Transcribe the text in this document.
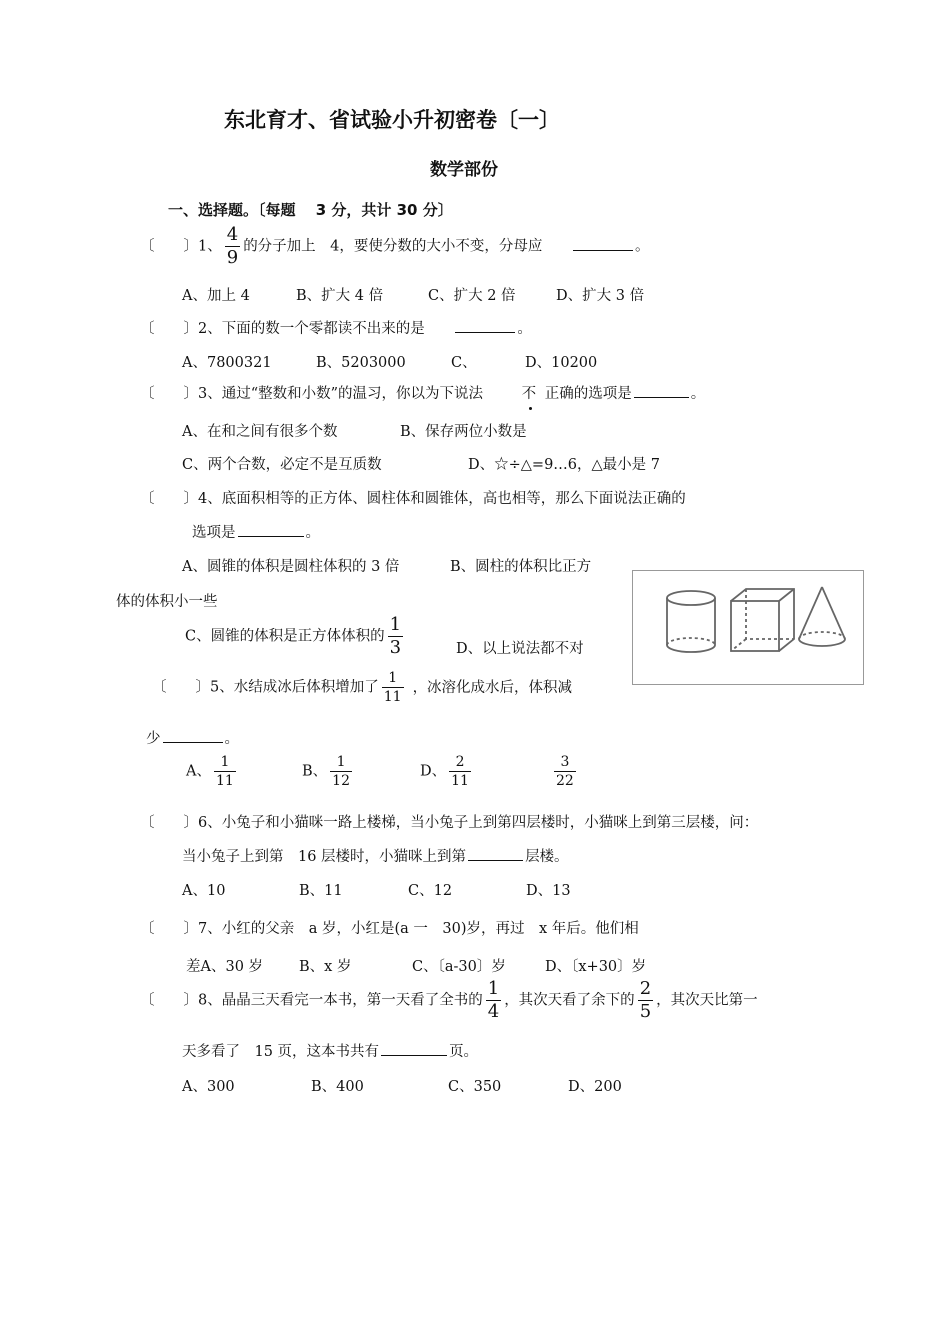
东北育才、省试验小升初密卷〔一〕
数学部份
一、选择题。〔每题　 3 分，共计 30 分〕
〔　　〕1、 $\frac{4}{9}$ 的分子加上　4，要使分数的大小不变，分母应	。
A、加上 4	B、扩大 4 倍	C、扩大 2 倍	D、扩大 3 倍
〔　　〕2、下面的数一个零都读不出来的是	。
A、7800321	B、5203000	C、	D、10200
〔　　〕3、通过“整数和小数”的温习，你以为下说法	不 正确的选项是	。
A、在和之间有很多个数	B、保存两位小数是
C、两个合数，必定不是互质数	D、☆÷△=9…6，△最小是 7
〔　　〕4、底面积相等的正方体、圆柱体和圆锥体，高也相等，那么下面说法正确的
选项是	。
A、圆锥的体积是圆柱体积的 3 倍	B、圆柱的体积比正方
体的体积小一些
C、圆锥的体积是正方体体积的 $\frac{1}{3}$	D、以上说法都不对
〔　　〕5、水结成冰后体积增加了 $\frac{1}{11}$ ，冰溶化成水后，体积减
少	。
A、 $\frac{1}{11}$	B、 $\frac{1}{12}$	D、 $\frac{2}{11}$	$\frac{3}{22}$
〔　　〕6、小兔子和小猫咪一路上楼梯，当小兔子上到第四层楼时，小猫咪上到第三层楼，问：
当小兔子上到第　16 层楼时，小猫咪上到第	层楼。
A、10	B、11	C、12	D、13
〔　　〕7、小红的父亲　a 岁，小红是(a 一　30)岁，再过　x 年后。他们相
差A、30 岁 B、x 岁	C、〔a-30〕岁	D、〔x+30〕岁
〔　　〕8、晶晶三天看完一本书，第一天看了全书的 $\frac{1}{4}$ ，其次天看了余下的 $\frac{2}{5}$ ，其次天比第一
天多看了　15 页，这本书共有	页。
A、300	B、400	C、350	D、200
